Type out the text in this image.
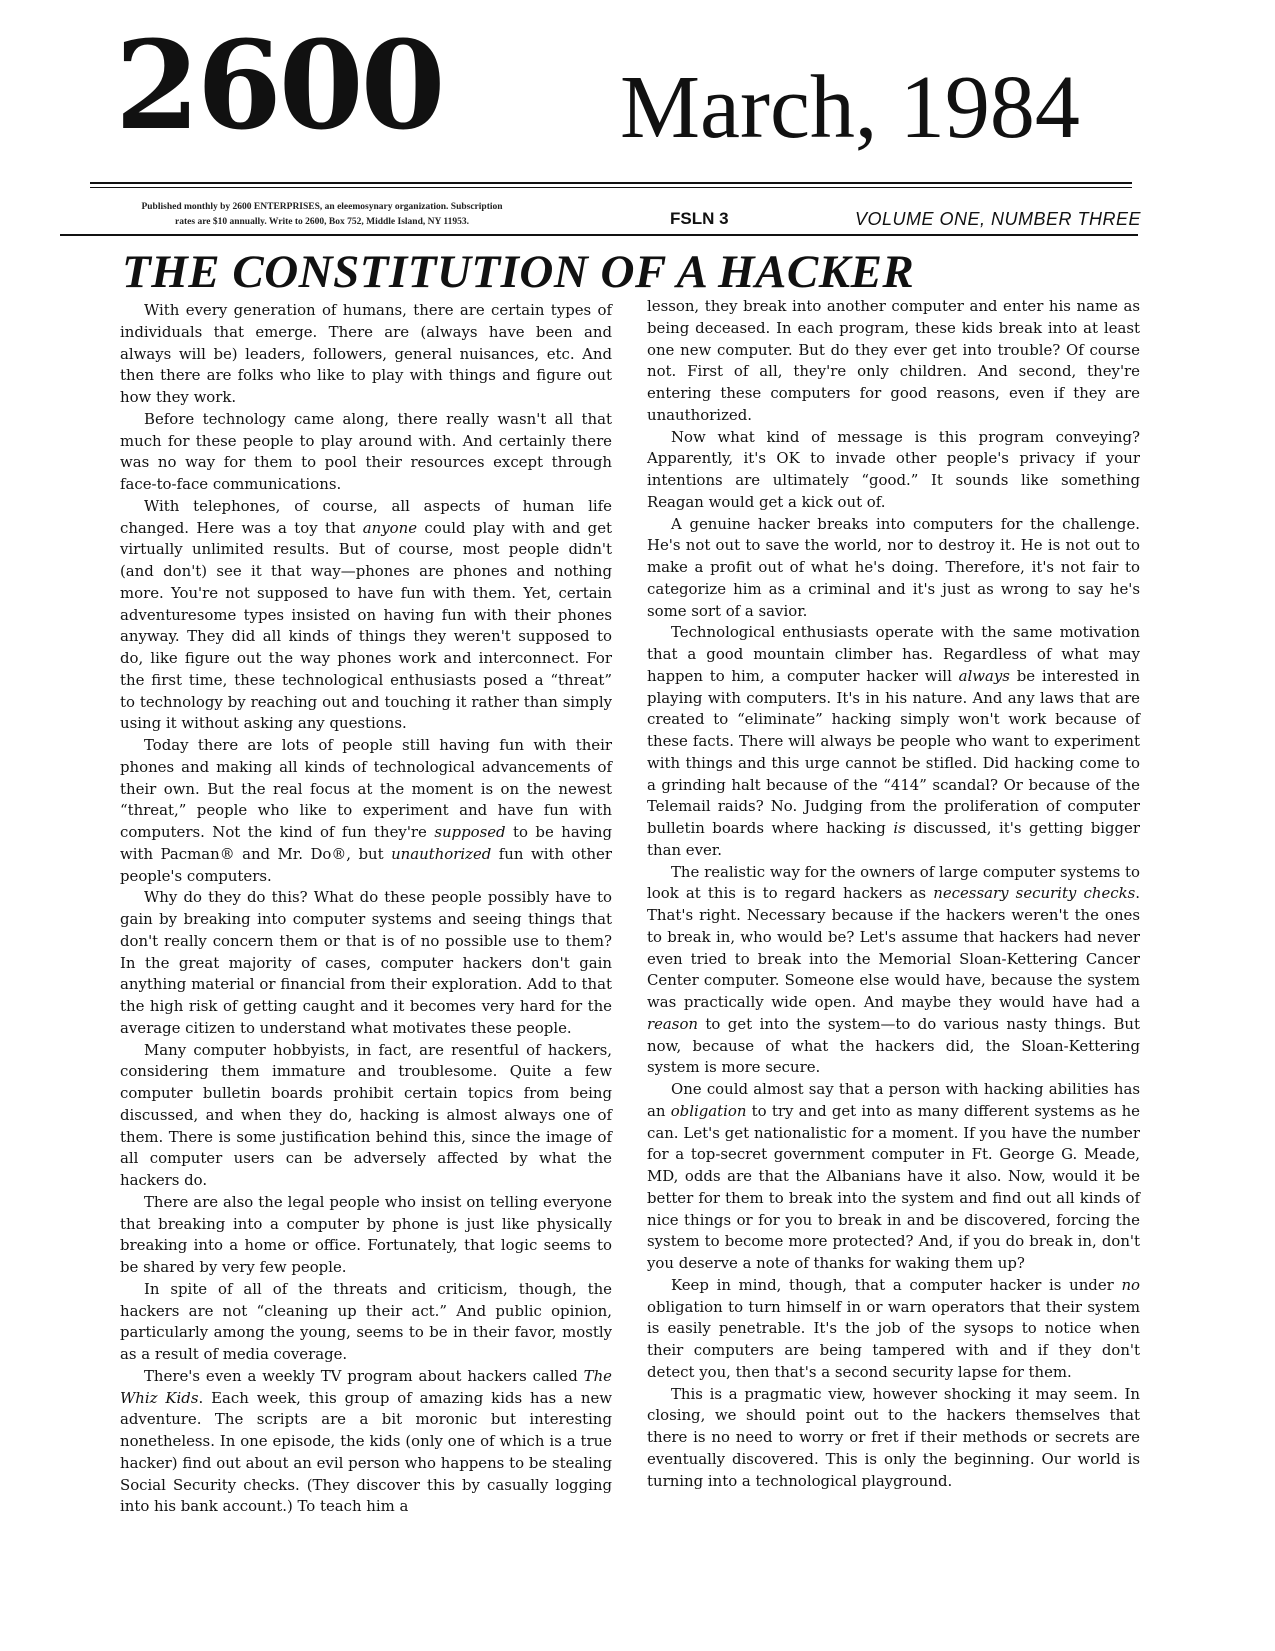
2600 March, 1984
Published monthly by 2600 ENTERPRISES, an eleemosynary organization. Subscription
rates are $10 annually. Write to 2600, Box 752, Middle Island, NY 11953.	FSLN 3	VOLUME ONE, NUMBER THREE
THE CONSTITUTION OF A HACKER

With every generation of humans, there are certain types of individuals that emerge. There are (always have been and always will be) leaders, followers, general nuisances, etc. And then there are folks who like to play with things and figure out how they work.

Before technology came along, there really wasn't all that much for these people to play around with. And certainly there was no way for them to pool their resources except through face-to-face communications.

With telephones, of course, all aspects of human life changed. Here was a toy that anyone could play with and get virtually unlimited results. But of course, most people didn't (and don't) see it that way—phones are phones and nothing more. You're not supposed to have fun with them. Yet, certain adventuresome types insisted on having fun with their phones anyway. They did all kinds of things they weren't supposed to do, like figure out the way phones work and interconnect. For the first time, these technological enthusiasts posed a “threat” to technology by reaching out and touching it rather than simply using it without asking any questions.

Today there are lots of people still having fun with their phones and making all kinds of technological advancements of their own. But the real focus at the moment is on the newest “threat,” people who like to experiment and have fun with computers. Not the kind of fun they're supposed to be having with Pacman® and Mr. Do®, but unauthorized fun with other people's computers.

Why do they do this? What do these people possibly have to gain by breaking into computer systems and seeing things that don't really concern them or that is of no possible use to them? In the great majority of cases, computer hackers don't gain anything material or financial from their exploration. Add to that the high risk of getting caught and it becomes very hard for the average citizen to understand what motivates these people.

Many computer hobbyists, in fact, are resentful of hackers, considering them immature and troublesome. Quite a few computer bulletin boards prohibit certain topics from being discussed, and when they do, hacking is almost always one of them. There is some justification behind this, since the image of all computer users can be adversely affected by what the hackers do.

There are also the legal people who insist on telling everyone that breaking into a computer by phone is just like physically breaking into a home or office. Fortunately, that logic seems to be shared by very few people.

In spite of all of the threats and criticism, though, the hackers are not “cleaning up their act.” And public opinion, particularly among the young, seems to be in their favor, mostly as a result of media coverage.

There's even a weekly TV program about hackers called The Whiz Kids. Each week, this group of amazing kids has a new adventure. The scripts are a bit moronic but interesting nonetheless. In one episode, the kids (only one of which is a true hacker) find out about an evil person who happens to be stealing Social Security checks. (They discover this by casually logging into his bank account.) To teach him a

lesson, they break into another computer and enter his name as being deceased. In each program, these kids break into at least one new computer. But do they ever get into trouble? Of course not. First of all, they're only children. And second, they're entering these computers for good reasons, even if they are unauthorized.

Now what kind of message is this program conveying? Apparently, it's OK to invade other people's privacy if your intentions are ultimately “good.” It sounds like something Reagan would get a kick out of.

A genuine hacker breaks into computers for the challenge. He's not out to save the world, nor to destroy it. He is not out to make a profit out of what he's doing. Therefore, it's not fair to categorize him as a criminal and it's just as wrong to say he's some sort of a savior.

Technological enthusiasts operate with the same motivation that a good mountain climber has. Regardless of what may happen to him, a computer hacker will always be interested in playing with computers. It's in his nature. And any laws that are created to “eliminate” hacking simply won't work because of these facts. There will always be people who want to experiment with things and this urge cannot be stifled. Did hacking come to a grinding halt because of the “414” scandal? Or because of the Telemail raids? No. Judging from the proliferation of computer bulletin boards where hacking is discussed, it's getting bigger than ever.

The realistic way for the owners of large computer systems to look at this is to regard hackers as necessary security checks. That's right. Necessary because if the hackers weren't the ones to break in, who would be? Let's assume that hackers had never even tried to break into the Memorial Sloan-Kettering Cancer Center computer. Someone else would have, because the system was practically wide open. And maybe they would have had a reason to get into the system—to do various nasty things. But now, because of what the hackers did, the Sloan-Kettering system is more secure.

One could almost say that a person with hacking abilities has an obligation to try and get into as many different systems as he can. Let's get nationalistic for a moment. If you have the number for a top-secret government computer in Ft. George G. Meade, MD, odds are that the Albanians have it also. Now, would it be better for them to break into the system and find out all kinds of nice things or for you to break in and be discovered, forcing the system to become more protected? And, if you do break in, don't you deserve a note of thanks for waking them up?

Keep in mind, though, that a computer hacker is under no obligation to turn himself in or warn operators that their system is easily penetrable. It's the job of the sysops to notice when their computers are being tampered with and if they don't detect you, then that's a second security lapse for them.

This is a pragmatic view, however shocking it may seem. In closing, we should point out to the hackers themselves that there is no need to worry or fret if their methods or secrets are eventually discovered. This is only the beginning. Our world is turning into a technological playground.
